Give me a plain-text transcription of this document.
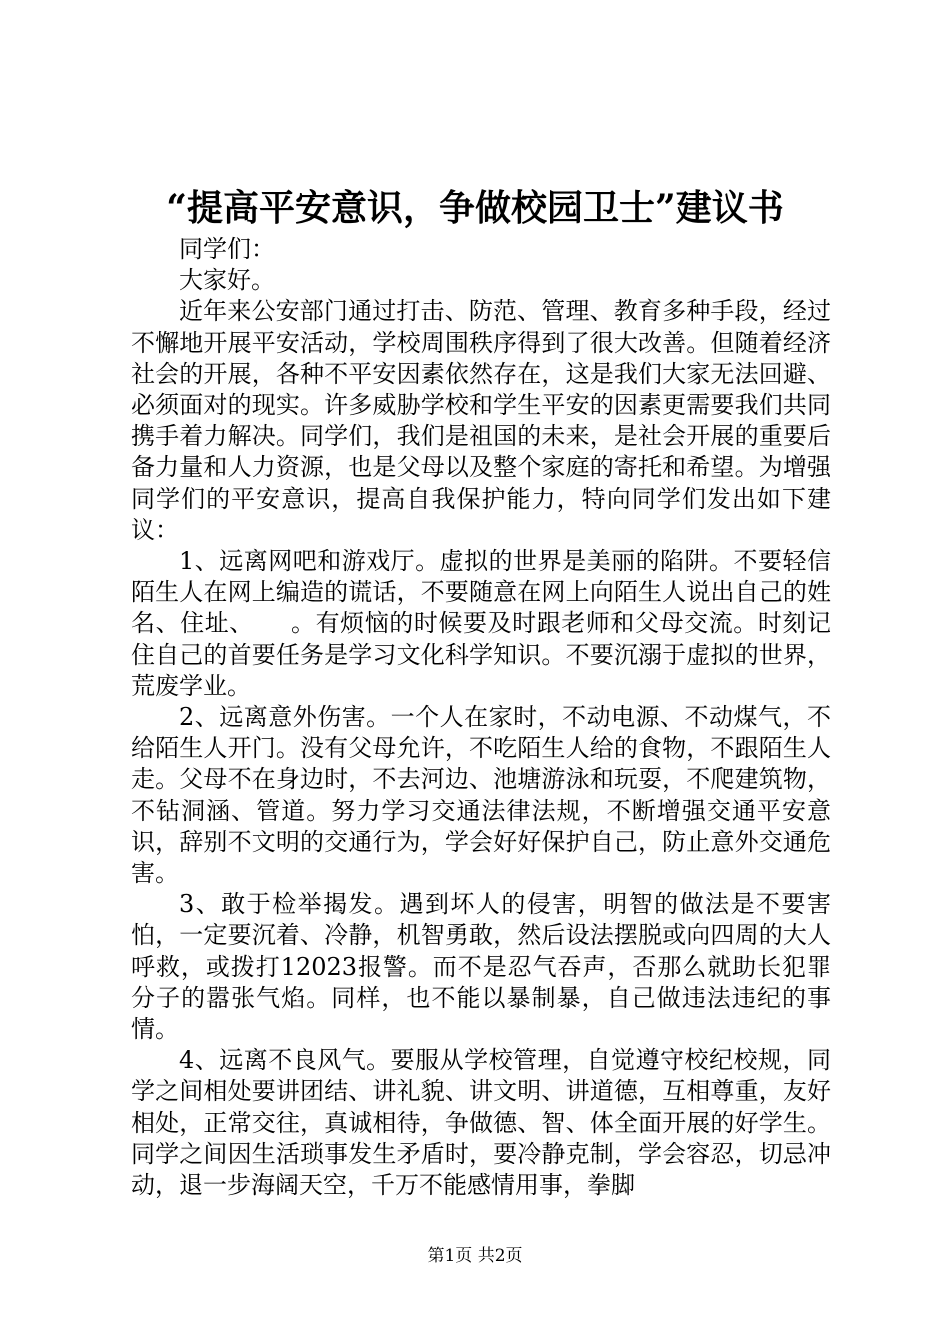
“提高平安意识，争做校园卫士”建议书

同学们：

大家好。

近年来公安部门通过打击、防范、管理、教育多种手段，经过不懈地开展平安活动，学校周围秩序得到了很大改善。但随着经济社会的开展，各种不平安因素依然存在，这是我们大家无法回避、必须面对的现实。许多威胁学校和学生平安的因素更需要我们共同携手着力解决。同学们，我们是祖国的未来，是社会开展的重要后备力量和人力资源，也是父母以及整个家庭的寄托和希望。为增强同学们的平安意识，提高自我保护能力，特向同学们发出如下建议：

1、远离网吧和游戏厅。虚拟的世界是美丽的陷阱。不要轻信陌生人在网上编造的谎话，不要随意在网上向陌生人说出自己的姓名、住址、　　。有烦恼的时候要及时跟老师和父母交流。时刻记住自己的首要任务是学习文化科学知识。不要沉溺于虚拟的世界，荒废学业。

2、远离意外伤害。一个人在家时，不动电源、不动煤气，不给陌生人开门。没有父母允许，不吃陌生人给的食物，不跟陌生人走。父母不在身边时，不去河边、池塘游泳和玩耍，不爬建筑物，不钻洞涵、管道。努力学习交通法律法规，不断增强交通平安意识，辞别不文明的交通行为，学会好好保护自己，防止意外交通危害。

3、敢于检举揭发。遇到坏人的侵害，明智的做法是不要害怕，一定要沉着、冷静，机智勇敢，然后设法摆脱或向四周的大人呼救，或拨打12023报警。而不是忍气吞声，否那么就助长犯罪分子的嚣张气焰。同样，也不能以暴制暴，自己做违法违纪的事情。

4、远离不良风气。要服从学校管理，自觉遵守校纪校规，同学之间相处要讲团结、讲礼貌、讲文明、讲道德，互相尊重，友好相处，正常交往，真诚相待，争做德、智、体全面开展的好学生。同学之间因生活琐事发生矛盾时，要冷静克制，学会容忍，切忌冲动，退一步海阔天空，千万不能感情用事，拳脚

第1页 共2页
